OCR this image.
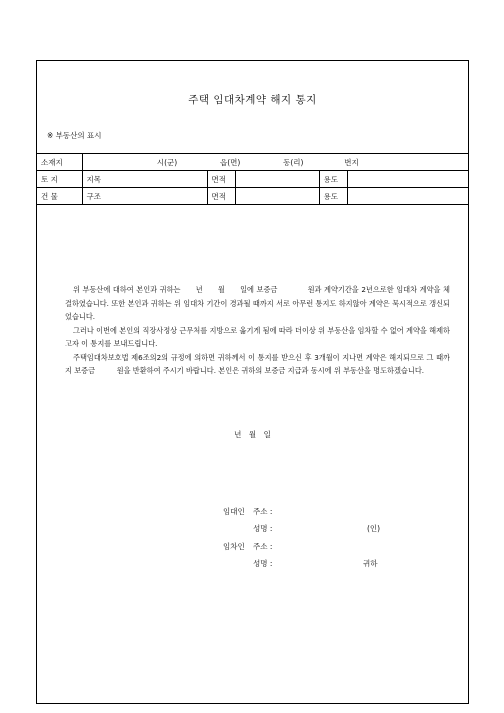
주택 임대차계약 해지 통지
※ 부동산의 표시
소재지	시(군) 읍(면) 동(리) 번지				
토 지	지목	면적		용도	
건 물	구조	면적		용도	

위 부동산에 대하여 본인과 귀하는　　년　　월　　일에 보증금　　　　원과 계약기간을 2년으로한 임대차 계약을 체결하였습니다. 또한 본인과 귀하는 위 임대차 기간이 경과될 때까지 서로 아무런 통지도 하지않아 계약은 묵시적으로 갱신되었습니다.

그러나 이번에 본인의 직장사정상 근무처를 지방으로 옮기게 됨에 따라 더이상 위 부동산을 임차할 수 없어 계약을 해제하고자 이 통지를 보내드립니다.

주택임대차보호법 제6조의2의 규정에 의하면 귀하께서 이 통지를 받으신 후 3개월이 지나면 계약은 해지되므로 그 때까지 보증금　　　원을 반환하여 주시기 바랍니다. 본인은 귀하의 보증금 지급과 동시에 위 부동산을 명도하겠습니다.

년　월　일
임대인 주소 :
성명 :	(인)
임차인 주소 :
성명 :	귀하
